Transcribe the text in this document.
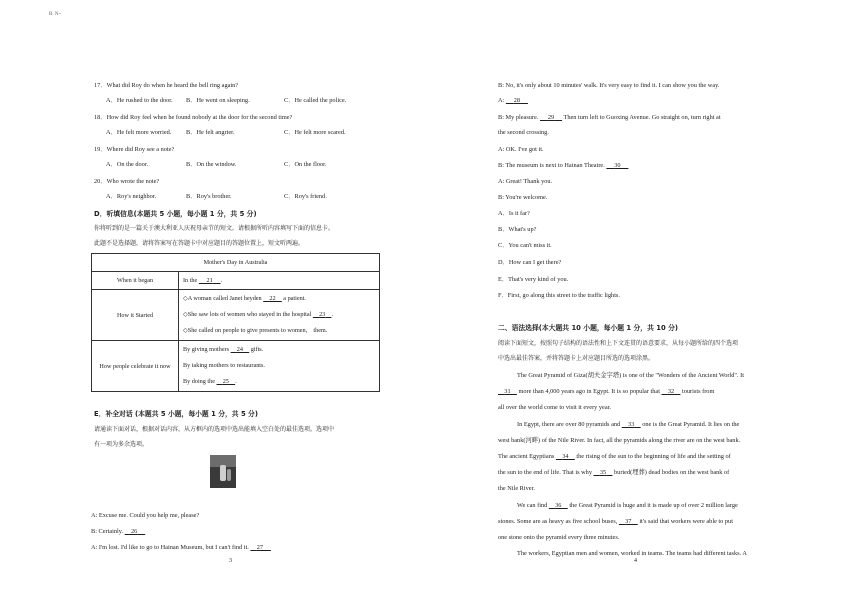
B. N~
17．What did Roy do when he heard the bell ring again?
A．He rushed to the door. B．He went on sleeping.	C．He called the police.
18．How did Roy feel when he found nobody at the door for the second time?
A．He felt more worried. B．He felt angrier.	C．He felt more scared.
19．Where did Roy see a note?
A．On the door.	B．On the window.	C．On the floor.
20．Who wrote the note?
A．Roy's neighbor.	B．Roy's brother.	C．Roy's friend.
D．听填信息(本题共 5 小题，每小题 1 分，共 5 分)
你将听到的是一篇关于澳大利亚人庆祝母亲节的短文。请根据所听内容填写下面的信息卡。
此题不是选择题，请将答案写在答题卡中对应题目的答题位置上，短文听两遍。
Mother's Day in Australia	
When it began	In the 21 .
How it Started	◇A woman called Janet heyden 22 a patient.
◇She saw lots of women who stayed in the hospital 23 .
◇She called on people to give presents to women， them.

How people celebrate it now	By giving mothers 24 gifts.
By taking mothers to restaurants.
By doing the 25 .
E．补全对话 (本题共 5 小题，每小题 1 分，共 5 分)
请通读下面对话，根据对话内容，从方框内的选项中选出能填入空白处的最佳选项。选项中
有一项为多余选项。
A: Excuse me. Could you help me, please?
B: Certainly. 26
A: I'm lost. I'd like to go to Hainan Museum, but I can't find it. 27
3
B: No, it's only about 10 minutes' walk. It's very easy to find it. I can show you the way.
A: 28
B: My pleasure. 29 Then turn left to Guoxing Avenue. Go straight on, turn right at
the second crossing.
A: OK. I've got it.
B: The museum is next to Hainan Theatre. 30
A: Great! Thank you.
B: You're welcome.
A．Is it far?
B．What's up?
C．You can't miss it.
D．How can I get there?
E．That's very kind of you.
F．First, go along this street to the traffic lights.
二、语法选择(本大题共 10 小题，每小题 1 分，共 10 分)
阅读下面短文，按照句子结构的语法性和上下文连贯的语意要求，从每小题所给的四个选项
中选出最佳答案，并将答题卡上对应题目所选的选项涂黑。
The Great Pyramid of Giza(胡夫金字塔) is one of the "Wonders of the Ancient World". It
31 more than 4,000 years ago in Egypt. It is so popular that 32 tourists from
all over the world come to visit it every year.
In Egypt, there are over 80 pyramids and 33 one is the Great Pyramid. It lies on the
west bank(河畔) of the Nile River. In fact, all the pyramids along the river are on the west bank.
The ancient Egyptians 34 the rising of the sun to the beginning of life and the setting of
the sun to the end of life. That is why 35 buried(埋葬) dead bodies on the west bank of
the Nile River.
We can find 36 the Great Pyramid is huge and it is made up of over 2 million large
stones. Some are as heavy as five school buses, 37 it's said that workers were able to put
one stone onto the pyramid every three minutes.
The workers, Egyptian men and women, worked in teams. The teams had different tasks. A
4
